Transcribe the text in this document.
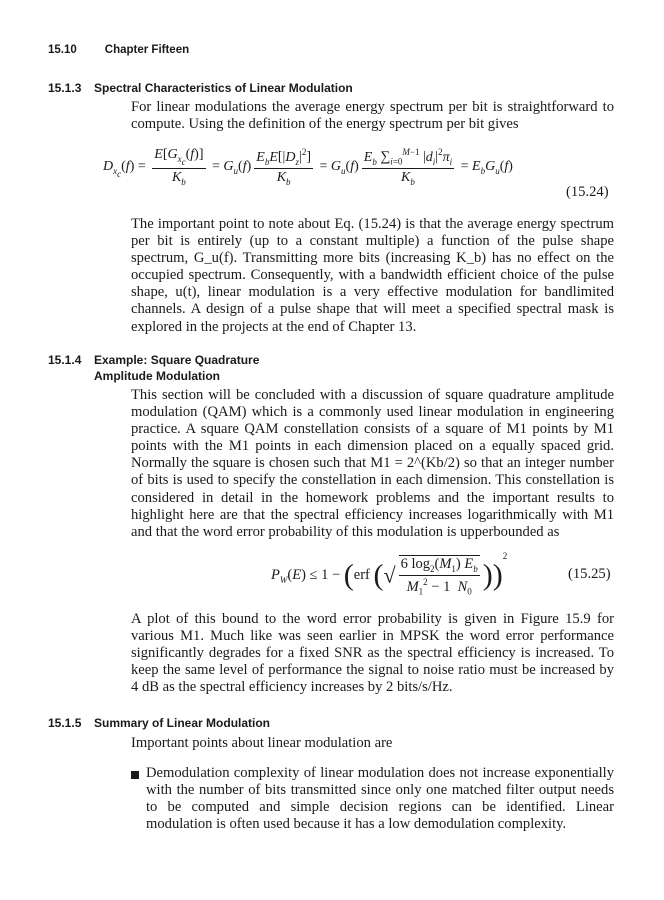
15.10 Chapter Fifteen
15.1.3 Spectral Characteristics of Linear Modulation

For linear modulations the average energy spectrum per bit is straightforward to compute. Using the definition of the energy spectrum per bit gives

$D_{x_c}(f) = \frac{E[G_{x_c}(f)]}{K_b} = G_u(f) \frac{E_bE[|D_z|^2]}{K_b} = G_u(f) \frac{E_b \sum_{i=0}^{M-1} |d_i|^2\pi_i}{K_b} = E_bG_u(f)$
(15.24)

The important point to note about Eq. (15.24) is that the average energy spectrum per bit is entirely (up to a constant multiple) a function of the pulse shape spectrum, G_u(f). Transmitting more bits (increasing K_b) has no effect on the occupied spectrum. Consequently, with a bandwidth efficient choice of the pulse shape, u(t), linear modulation is a very effective modulation for bandlimited channels. A design of a pulse shape that will meet a specified spectral mask is explored in the projects at the end of Chapter 13.

15.1.4 Example: Square Quadrature
Amplitude Modulation

This section will be concluded with a discussion of square quadrature amplitude modulation (QAM) which is a commonly used linear modulation in engineering practice. A square QAM constellation consists of a square of M1 points by M1 points with the M1 points in each dimension placed on a equally spaced grid. Normally the square is chosen such that M1 = 2^(Kb/2) so that an integer number of bits is used to specify the constellation in each dimension. This constellation is considered in detail in the homework problems and the important results to highlight here are that the spectral efficiency increases logarithmically with M1 and that the word error probability of this modulation is upperbounded as

$P_W(E) \le 1 - (erf$ (√ $\frac{6 \log_2(M_1) E_b}{M_1^2 - 1 N_0} ))^2$
(15.25)

A plot of this bound to the word error probability is given in Figure 15.9 for various M1. Much like was seen earlier in MPSK the word error performance significantly degrades for a fixed SNR as the spectral efficiency is increased. To keep the same level of performance the signal to noise ratio must be increased by 4 dB as the spectral efficiency increases by 2 bits/s/Hz.

15.1.5 Summary of Linear Modulation

Important points about linear modulation are

Demodulation complexity of linear modulation does not increase exponentially with the number of bits transmitted since only one matched filter output needs to be computed and simple decision regions can be identified. Linear modulation is often used because it has a low demodulation complexity.
